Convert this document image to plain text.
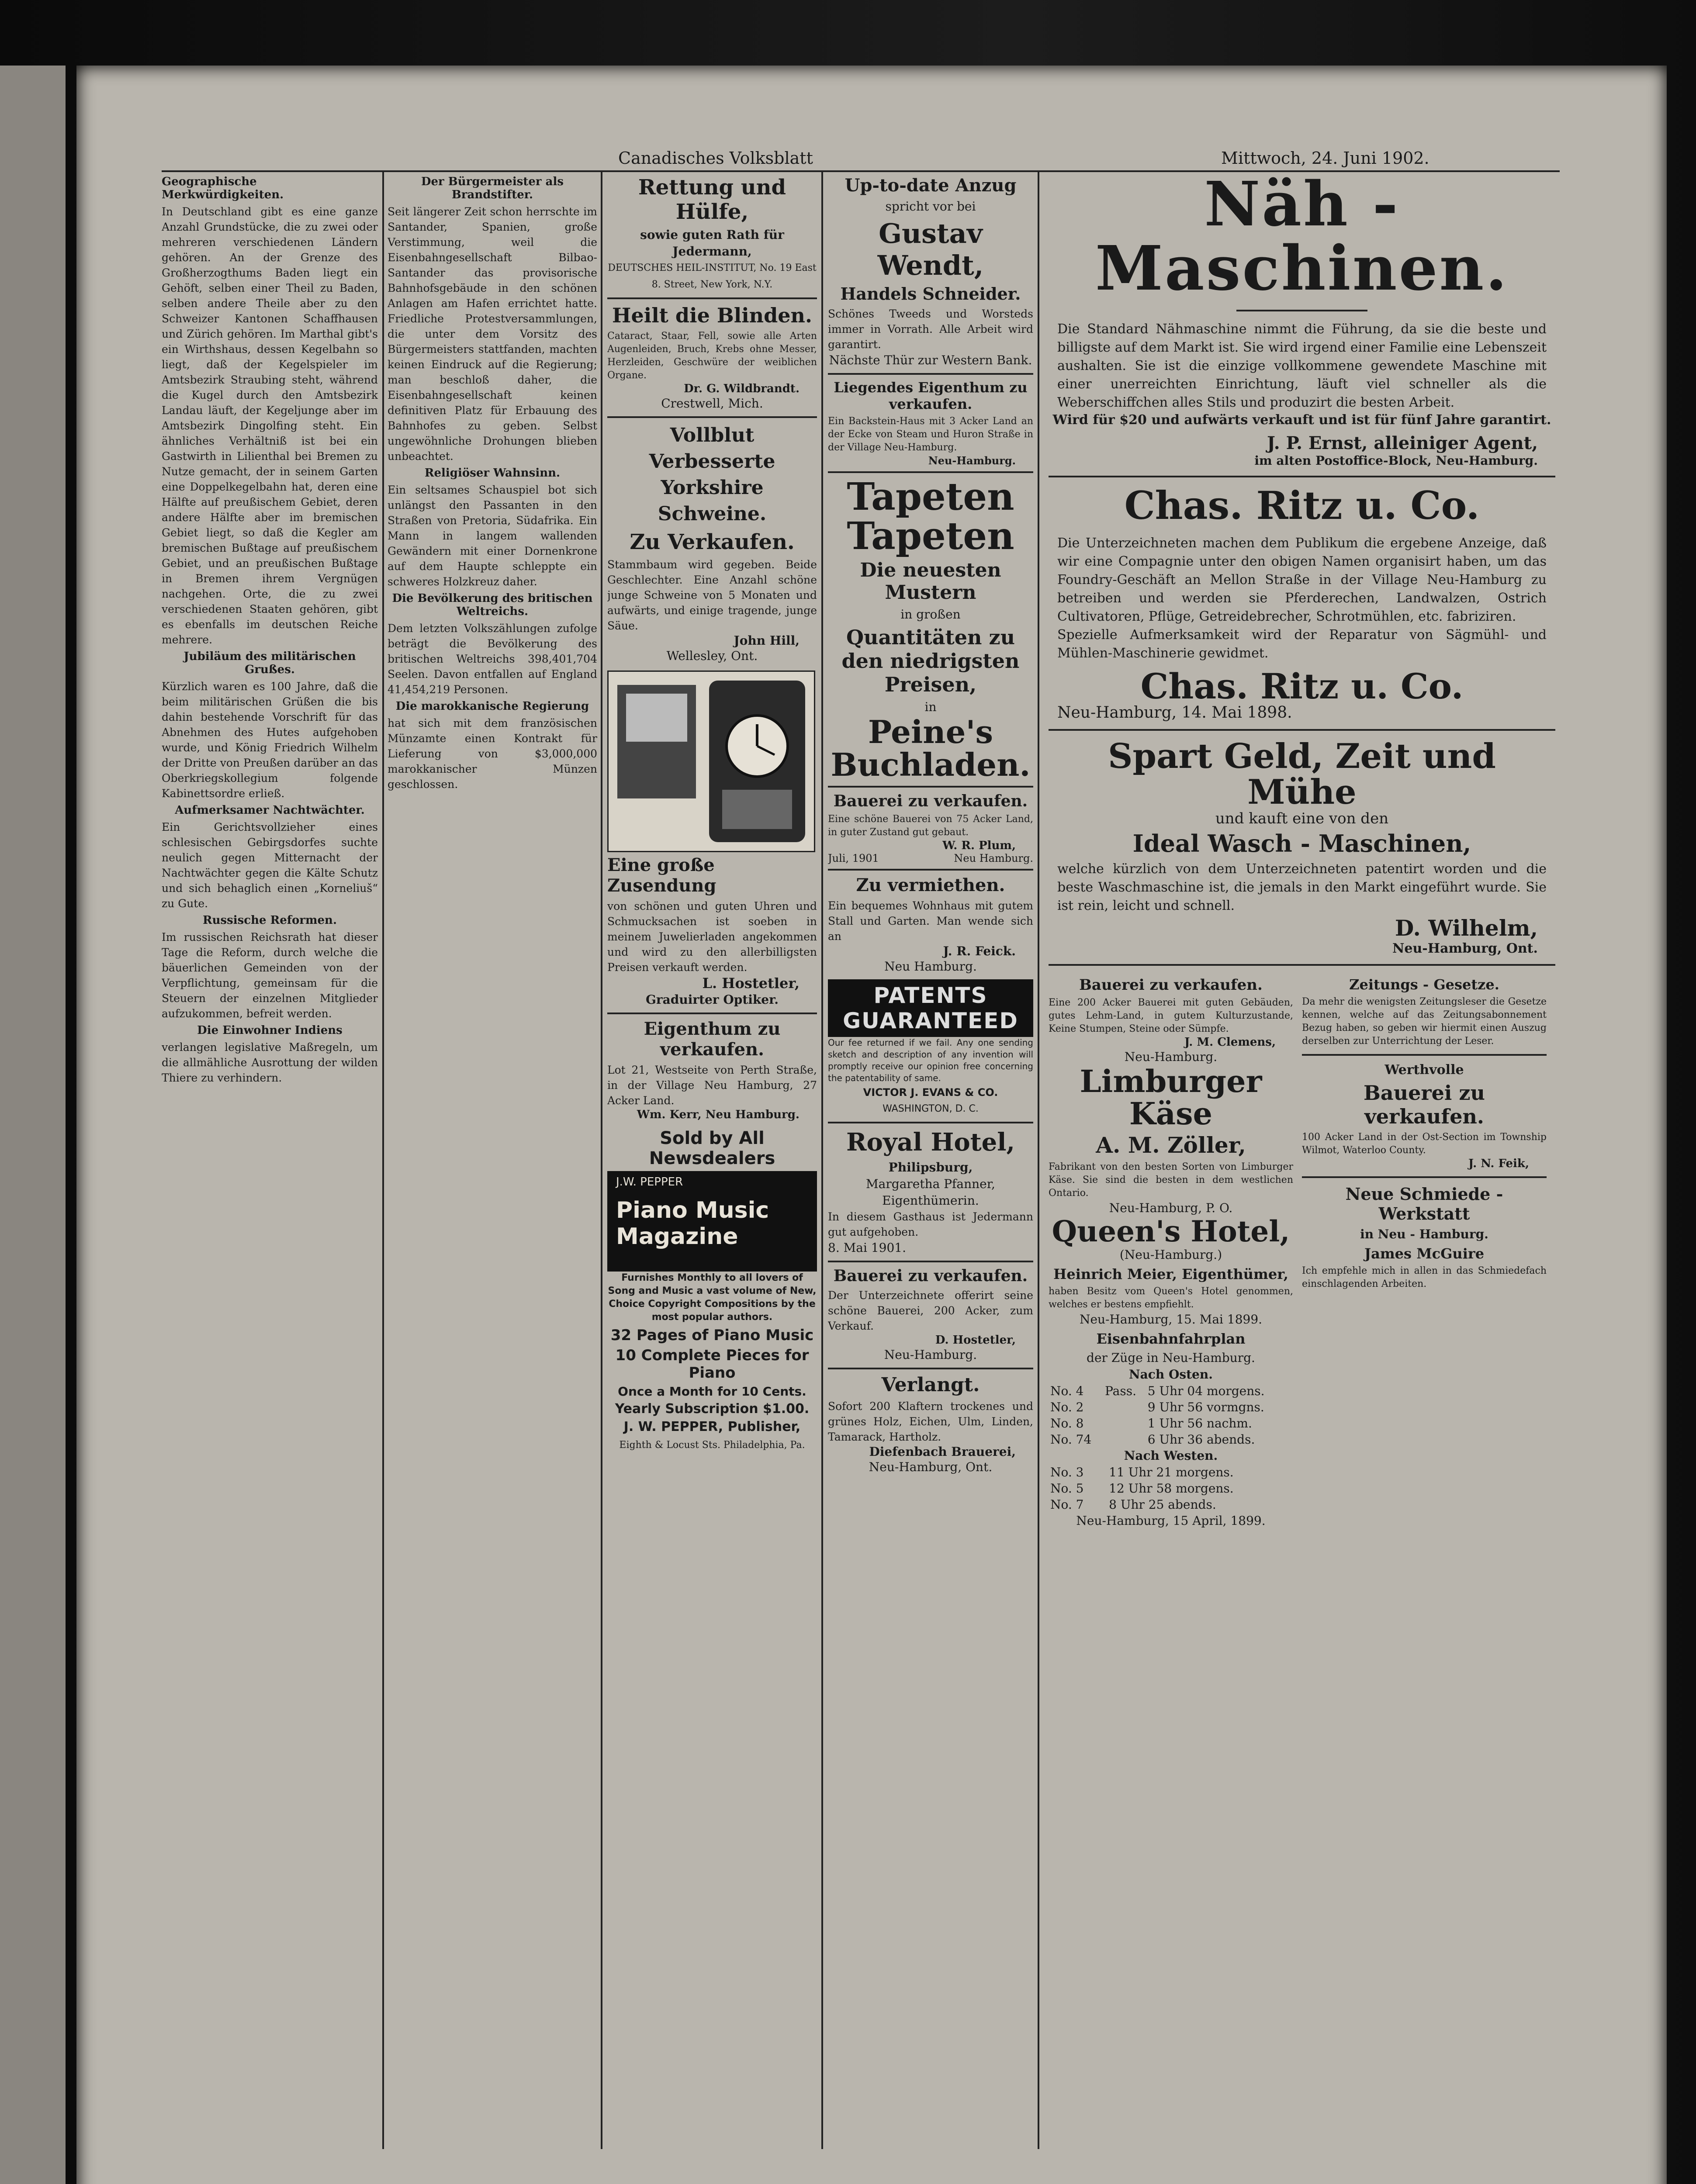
Canadisches Volksblatt	Mittwoch, 24. Juni 1902.
Geographische Merkwürdigkeiten.

In Deutschland gibt es eine ganze Anzahl Grundstücke, die zu zwei oder mehreren verschiedenen Ländern gehören. An der Grenze des Großherzogthums Baden liegt ein Gehöft, selben einer Theil zu Baden, selben andere Theile aber zu den Schweizer Kantonen Schaffhausen und Zürich gehören. Im Marthal gibt's ein Wirthshaus, dessen Kegelbahn so liegt, daß der Kegelspieler im Amtsbezirk Straubing steht, während die Kugel durch den Amtsbezirk Landau läuft, der Kegeljunge aber im Amtsbezirk Dingolfing steht. Ein ähnliches Verhältniß ist bei ein Gastwirth in Lilienthal bei Bremen zu Nutze gemacht, der in seinem Garten eine Doppelkegelbahn hat, deren eine Hälfte auf preußischem Gebiet, deren andere Hälfte aber im bremischen Gebiet liegt, so daß die Kegler am bremischen Bußtage auf preußischem Gebiet, und an preußischen Bußtage in Bremen ihrem Vergnügen nachgehen. Orte, die zu zwei verschiedenen Staaten gehören, gibt es ebenfalls im deutschen Reiche mehrere.

Jubiläum des militärischen Grußes.

Kürzlich waren es 100 Jahre, daß die beim militärischen Grüßen die bis dahin bestehende Vorschrift für das Abnehmen des Hutes aufgehoben wurde, und König Friedrich Wilhelm der Dritte von Preußen darüber an das Oberkriegskollegium folgende Kabinettsordre erließ.

Aufmerksamer Nachtwächter.

Ein Gerichtsvollzieher eines schlesischen Gebirgsdorfes suchte neulich gegen Mitternacht der Nachtwächter gegen die Kälte Schutz und sich behaglich einen „Korneliuš“ zu Gute.

Russische Reformen.

Im russischen Reichsrath hat dieser Tage die Reform, durch welche die bäuerlichen Gemeinden von der Verpflichtung, gemeinsam für die Steuern der einzelnen Mitglieder aufzukommen, befreit werden.

Die Einwohner Indiens

verlangen legislative Maßregeln, um die allmähliche Ausrottung der wilden Thiere zu verhindern.

Der Bürgermeister als Brandstifter.

Seit längerer Zeit schon herrschte im Santander, Spanien, große Verstimmung, weil die Eisenbahngesellschaft Bilbao-Santander das provisorische Bahnhofsgebäude in den schönen Anlagen am Hafen errichtet hatte. Friedliche Protestversammlungen, die unter dem Vorsitz des Bürgermeisters stattfanden, machten keinen Eindruck auf die Regierung; man beschloß daher, die Eisenbahngesellschaft keinen definitiven Platz für Erbauung des Bahnhofes zu geben. Selbst ungewöhnliche Drohungen blieben unbeachtet.

Religiöser Wahnsinn.

Ein seltsames Schauspiel bot sich unlängst den Passanten in den Straßen von Pretoria, Südafrika. Ein Mann in langem wallenden Gewändern mit einer Dornenkrone auf dem Haupte schleppte ein schweres Holzkreuz daher.

Die Bevölkerung des britischen Weltreichs.

Dem letzten Volkszählungen zufolge beträgt die Bevölkerung des britischen Weltreichs 398,401,704 Seelen. Davon entfallen auf England 41,454,219 Personen.

Die marokkanische Regierung

hat sich mit dem französischen Münzamte einen Kontrakt für Lieferung von $3,000,000 marokkanischer Münzen geschlossen.

Rettung und Hülfe,
sowie guten Rath für Jedermann,
DEUTSCHES HEIL-INSTITUT, No. 19 East 8. Street, New York, N.Y.
Heilt die Blinden.

Cataract, Staar, Fell, sowie alle Arten Augenleiden, Bruch, Krebs ohne Messer, Herzleiden, Geschwüre der weiblichen Organe.

Dr. G. Wildbrandt.
Crestwell, Mich.
Vollblut Verbesserte Yorkshire Schweine.
Zu Verkaufen.

Stammbaum wird gegeben. Beide Geschlechter. Eine Anzahl schöne junge Schweine von 5 Monaten und aufwärts, und einige tragende, junge Säue.

John Hill,
Wellesley, Ont.
Eine große Zusendung

von schönen und guten Uhren und Schmucksachen ist soeben in meinem Juwelierladen angekommen und wird zu den allerbilligsten Preisen verkauft werden.

L. Hostetler,
Graduirter Optiker.
Eigenthum zu verkaufen.

Lot 21, Westseite von Perth Straße, in der Village Neu Hamburg, 27 Acker Land.

Wm. Kerr, Neu Hamburg.
Sold by All Newsdealers
J.W. PEPPER
Piano Music Magazine

Furnishes Monthly to all lovers of Song and Music a vast volume of New, Choice Copyright Compositions by the most popular authors.

32 Pages of Piano Music
10 Complete Pieces for Piano
Once a Month for 10 Cents.
Yearly Subscription $1.00.
J. W. PEPPER, Publisher,
Eighth & Locust Sts. Philadelphia, Pa.
Up-to-date Anzug
spricht vor bei
Gustav Wendt,
Handels Schneider.

Schönes Tweeds und Worsteds immer in Vorrath. Alle Arbeit wird garantirt.

Nächste Thür zur Western Bank.
Liegendes Eigenthum zu verkaufen.

Ein Backstein-Haus mit 3 Acker Land an der Ecke von Steam und Huron Straße in der Village Neu-Hamburg.

Neu-Hamburg.
Tapeten
Tapeten
Die neuesten Mustern
in großen
Quantitäten zu den niedrigsten Preisen,
in
Peine's Buchladen.
Bauerei zu verkaufen.

Eine schöne Bauerei von 75 Acker Land, in guter Zustand gut gebaut.

W. R. Plum,
Juli, 1901	Neu Hamburg.
Zu vermiethen.

Ein bequemes Wohnhaus mit gutem Stall und Garten. Man wende sich an

J. R. Feick.
Neu Hamburg.
PATENTS GUARANTEED

Our fee returned if we fail. Any one sending sketch and description of any invention will promptly receive our opinion free concerning the patentability of same.

VICTOR J. EVANS & CO.
WASHINGTON, D. C.
Royal Hotel,
Philipsburg,
Margaretha Pfanner, Eigenthümerin.

In diesem Gasthaus ist Jedermann gut aufgehoben.

8. Mai 1901.
Bauerei zu verkaufen.

Der Unterzeichnete offerirt seine schöne Bauerei, 200 Acker, zum Verkauf.

D. Hostetler,
Neu-Hamburg.
Verlangt.

Sofort 200 Klaftern trockenes und grünes Holz, Eichen, Ulm, Linden, Tamarack, Hartholz.

Diefenbach Brauerei,
Neu-Hamburg, Ont.
Näh - Maschinen.

Die Standard Nähmaschine nimmt die Führung, da sie die beste und billigste auf dem Markt ist. Sie wird irgend einer Familie eine Lebenszeit aushalten. Sie ist die einzige vollkommene gewendete Maschine mit einer unerreichten Einrichtung, läuft viel schneller als die Weberschiffchen alles Stils und produzirt die besten Arbeit.

Wird für $20 und aufwärts verkauft und ist für fünf Jahre garantirt.
J. P. Ernst, alleiniger Agent,
im alten Postoffice-Block, Neu-Hamburg.
Chas. Ritz u. Co.

Die Unterzeichneten machen dem Publikum die ergebene Anzeige, daß wir eine Compagnie unter den obigen Namen organisirt haben, um das Foundry-Geschäft an Mellon Straße in der Village Neu-Hamburg zu betreiben und werden sie Pferderechen, Landwalzen, Ostrich Cultivatoren, Pflüge, Getreidebrecher, Schrotmühlen, etc. fabriziren.

Spezielle Aufmerksamkeit wird der Reparatur von Sägmühl- und Mühlen-Maschinerie gewidmet.

Chas. Ritz u. Co.
Neu-Hamburg, 14. Mai 1898.
Spart Geld, Zeit und Mühe
und kauft eine von den
Ideal Wasch - Maschinen,

welche kürzlich von dem Unterzeichneten patentirt worden und die beste Waschmaschine ist, die jemals in den Markt eingeführt wurde. Sie ist rein, leicht und schnell.

D. Wilhelm,
Neu-Hamburg, Ont.
Bauerei zu verkaufen.

Eine 200 Acker Bauerei mit guten Gebäuden, gutes Lehm-Land, in gutem Kulturzustande, Keine Stumpen, Steine oder Sümpfe.

J. M. Clemens,
Neu-Hamburg.
Limburger Käse
A. M. Zöller,

Fabrikant von den besten Sorten von Limburger Käse. Sie sind die besten in dem westlichen Ontario.

Neu-Hamburg, P. O.
Queen's Hotel,
(Neu-Hamburg.)
Heinrich Meier, Eigenthümer,

haben Besitz vom Queen's Hotel genommen, welches er bestens empfiehlt.

Neu-Hamburg, 15. Mai 1899.
Eisenbahnfahrplan
der Züge in Neu-Hamburg.
Nach Osten.
No. 4	Pass.	5 Uhr 04 morgens.
No. 2		9 Uhr 56 vormgns.
No. 8		1 Uhr 56 nachm.
No. 74		6 Uhr 36 abends.
Nach Westen.
No. 3		11 Uhr 21 morgens.
No. 5		12 Uhr 58 morgens.
No. 7		8 Uhr 25 abends.
Neu-Hamburg, 15 April, 1899.
Zeitungs - Gesetze.

Da mehr die wenigsten Zeitungsleser die Gesetze kennen, welche auf das Zeitungsabonnement Bezug haben, so geben wir hiermit einen Auszug derselben zur Unterrichtung der Leser.

Werthvolle
Bauerei zu verkaufen.

100 Acker Land in der Ost-Section im Township Wilmot, Waterloo County.

J. N. Feik,
Neue Schmiede - Werkstatt
in Neu - Hamburg.
James McGuire

Ich empfehle mich in allen in das Schmiedefach einschlagenden Arbeiten.
